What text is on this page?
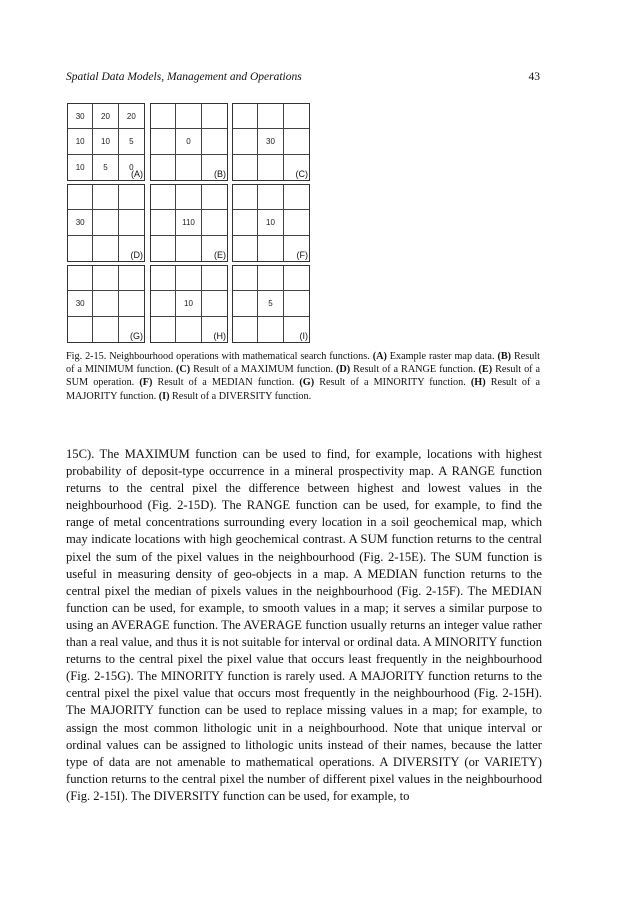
Spatial Data Models, Management and Operations	43
30	20	20
10	10	5
10	5	0
(A)
0
(B)
30
(C)
30
(D)
110
(E)
10
(F)
30
(G)
10
(H)
5
(I)
Fig. 2-15. Neighbourhood operations with mathematical search functions. (A) Example raster map data. (B) Result of a MINIMUM function. (C) Result of a MAXIMUM function. (D) Result of a RANGE function. (E) Result of a SUM operation. (F) Result of a MEDIAN function. (G) Result of a MINORITY function. (H) Result of a MAJORITY function. (I) Result of a DIVERSITY function.

15C). The MAXIMUM function can be used to find, for example, locations with highest probability of deposit-type occurrence in a mineral prospectivity map. A RANGE function returns to the central pixel the difference between highest and lowest values in the neighbourhood (Fig. 2-15D). The RANGE function can be used, for example, to find the range of metal concentrations surrounding every location in a soil geochemical map, which may indicate locations with high geochemical contrast. A SUM function returns to the central pixel the sum of the pixel values in the neighbourhood (Fig. 2-15E). The SUM function is useful in measuring density of geo-objects in a map. A MEDIAN function returns to the central pixel the median of pixels values in the neighbourhood (Fig. 2-15F). The MEDIAN function can be used, for example, to smooth values in a map; it serves a similar purpose to using an AVERAGE function. The AVERAGE function usually returns an integer value rather than a real value, and thus it is not suitable for interval or ordinal data. A MINORITY function returns to the central pixel the pixel value that occurs least frequently in the neighbourhood (Fig. 2-15G). The MINORITY function is rarely used. A MAJORITY function returns to the central pixel the pixel value that occurs most frequently in the neighbourhood (Fig. 2-15H). The MAJORITY function can be used to replace missing values in a map; for example, to assign the most common lithologic unit in a neighbourhood. Note that unique interval or ordinal values can be assigned to lithologic units instead of their names, because the latter type of data are not amenable to mathematical operations. A DIVERSITY (or VARIETY) function returns to the central pixel the number of different pixel values in the neighbourhood (Fig. 2-15I). The DIVERSITY function can be used, for example, to
